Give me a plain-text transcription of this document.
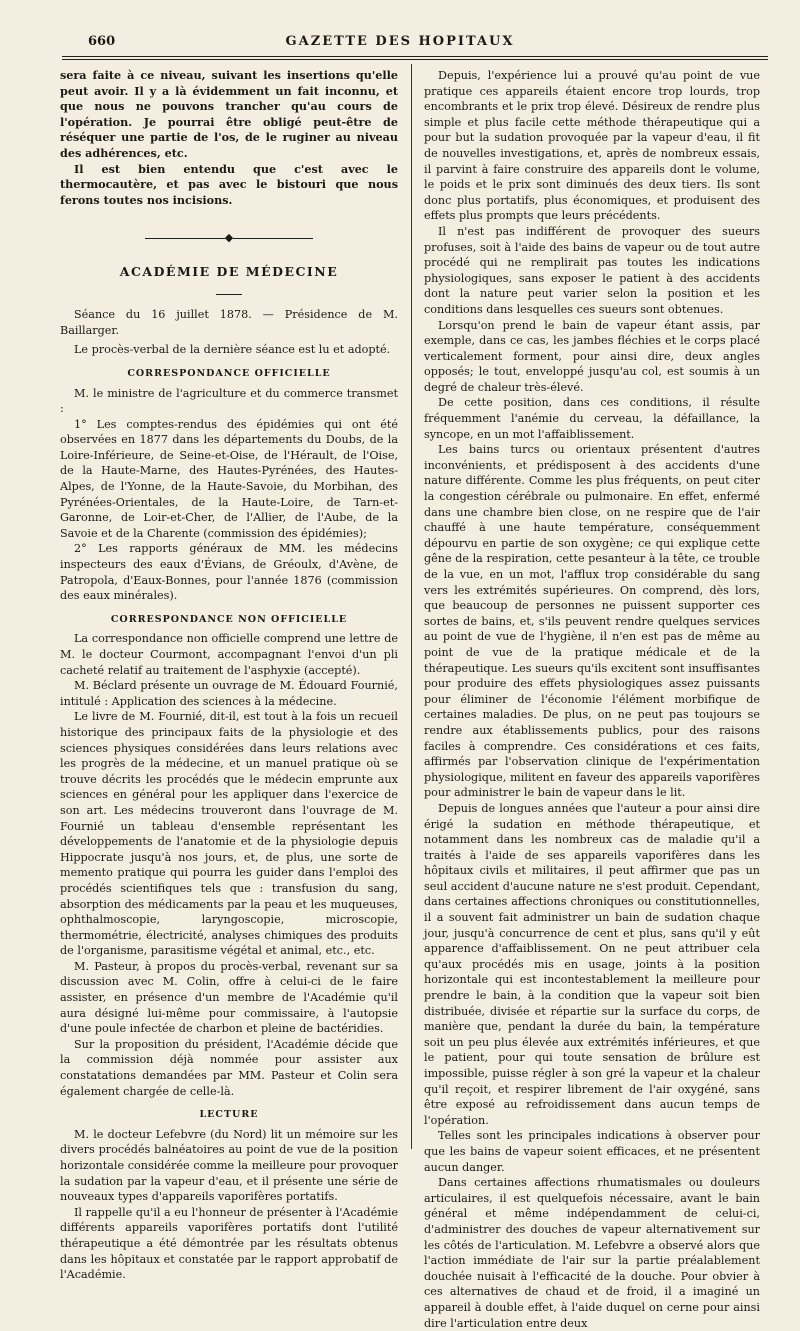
660	GAZETTE DES HOPITAUX

sera faite à ce niveau, suivant les insertions qu'elle peut avoir. Il y a là évidemment un fait inconnu, et que nous ne pouvons trancher qu'au cours de l'opération. Je pourrai être obligé peut-être de réséquer une partie de l'os, de le ruginer au niveau des adhérences, etc.

Il est bien entendu que c'est avec le thermocautère, et pas avec le bistouri que nous ferons toutes nos incisions.

◆
ACADÉMIE DE MÉDECINE

Séance du 16 juillet 1878. — Présidence de M. Baillarger.

Le procès-verbal de la dernière séance est lu et adopté.

CORRESPONDANCE OFFICIELLE

M. le ministre de l'agriculture et du commerce transmet :

1° Les comptes-rendus des épidémies qui ont été observées en 1877 dans les départements du Doubs, de la Loire-Inférieure, de Seine-et-Oise, de l'Hérault, de l'Oise, de la Haute-Marne, des Hautes-Pyrénées, des Hautes-Alpes, de l'Yonne, de la Haute-Savoie, du Morbihan, des Pyrénées-Orientales, de la Haute-Loire, de Tarn-et-Garonne, de Loir-et-Cher, de l'Allier, de l'Aube, de la Savoie et de la Charente (commission des épidémies);

2° Les rapports généraux de MM. les médecins inspecteurs des eaux d'Évians, de Gréoulx, d'Avène, de Patropola, d'Eaux-Bonnes, pour l'année 1876 (commission des eaux minérales).

CORRESPONDANCE NON OFFICIELLE

La correspondance non officielle comprend une lettre de M. le docteur Courmont, accompagnant l'envoi d'un pli cacheté relatif au traitement de l'asphyxie (accepté).

M. Béclard présente un ouvrage de M. Édouard Fournié, intitulé : Application des sciences à la médecine.

Le livre de M. Fournié, dit-il, est tout à la fois un recueil historique des principaux faits de la physiologie et des sciences physiques considérées dans leurs relations avec les progrès de la médecine, et un manuel pratique où se trouve décrits les procédés que le médecin emprunte aux sciences en général pour les appliquer dans l'exercice de son art. Les médecins trouveront dans l'ouvrage de M. Fournié un tableau d'ensemble représentant les développements de l'anatomie et de la physiologie depuis Hippocrate jusqu'à nos jours, et, de plus, une sorte de memento pratique qui pourra les guider dans l'emploi des procédés scientifiques tels que : transfusion du sang, absorption des médicaments par la peau et les muqueuses, ophthalmoscopie, laryngoscopie, microscopie, thermométrie, électricité, analyses chimiques des produits de l'organisme, parasitisme végétal et animal, etc., etc.

M. Pasteur, à propos du procès-verbal, revenant sur sa discussion avec M. Colin, offre à celui-ci de le faire assister, en présence d'un membre de l'Académie qu'il aura désigné lui-même pour commissaire, à l'autopsie d'une poule infectée de charbon et pleine de bactéridies.

Sur la proposition du président, l'Académie décide que la commission déjà nommée pour assister aux constatations demandées par MM. Pasteur et Colin sera également chargée de celle-là.

LECTURE

M. le docteur Lefebvre (du Nord) lit un mémoire sur les divers procédés balnéatoires au point de vue de la position horizontale considérée comme la meilleure pour provoquer la sudation par la vapeur d'eau, et il présente une série de nouveaux types d'appareils vaporifères portatifs.

Il rappelle qu'il a eu l'honneur de présenter à l'Académie différents appareils vaporifères portatifs dont l'utilité thérapeutique a été démontrée par les résultats obtenus dans les hôpitaux et constatée par le rapport approbatif de l'Académie.

Depuis, l'expérience lui a prouvé qu'au point de vue pratique ces appareils étaient encore trop lourds, trop encombrants et le prix trop élevé. Désireux de rendre plus simple et plus facile cette méthode thérapeutique qui a pour but la sudation provoquée par la vapeur d'eau, il fit de nouvelles investigations, et, après de nombreux essais, il parvint à faire construire des appareils dont le volume, le poids et le prix sont diminués des deux tiers. Ils sont donc plus portatifs, plus économiques, et produisent des effets plus prompts que leurs précédents.

Il n'est pas indifférent de provoquer des sueurs profuses, soit à l'aide des bains de vapeur ou de tout autre procédé qui ne remplirait pas toutes les indications physiologiques, sans exposer le patient à des accidents dont la nature peut varier selon la position et les conditions dans lesquelles ces sueurs sont obtenues.

Lorsqu'on prend le bain de vapeur étant assis, par exemple, dans ce cas, les jambes fléchies et le corps placé verticalement forment, pour ainsi dire, deux angles opposés; le tout, enveloppé jusqu'au col, est soumis à un degré de chaleur très-élevé.

De cette position, dans ces conditions, il résulte fréquemment l'anémie du cerveau, la défaillance, la syncope, en un mot l'affaiblissement.

Les bains turcs ou orientaux présentent d'autres inconvénients, et prédisposent à des accidents d'une nature différente. Comme les plus fréquents, on peut citer la congestion cérébrale ou pulmonaire. En effet, enfermé dans une chambre bien close, on ne respire que de l'air chauffé à une haute température, conséquemment dépourvu en partie de son oxygène; ce qui explique cette gêne de la respiration, cette pesanteur à la tête, ce trouble de la vue, en un mot, l'afflux trop considérable du sang vers les extrémités supérieures. On comprend, dès lors, que beaucoup de personnes ne puissent supporter ces sortes de bains, et, s'ils peuvent rendre quelques services au point de vue de l'hygiène, il n'en est pas de même au point de vue de la pratique médicale et de la thérapeutique. Les sueurs qu'ils excitent sont insuffisantes pour produire des effets physiologiques assez puissants pour éliminer de l'économie l'élément morbifique de certaines maladies. De plus, on ne peut pas toujours se rendre aux établissements publics, pour des raisons faciles à comprendre. Ces considérations et ces faits, affirmés par l'observation clinique de l'expérimentation physiologique, militent en faveur des appareils vaporifères pour administrer le bain de vapeur dans le lit.

Depuis de longues années que l'auteur a pour ainsi dire érigé la sudation en méthode thérapeutique, et notamment dans les nombreux cas de maladie qu'il a traités à l'aide de ses appareils vaporifères dans les hôpitaux civils et militaires, il peut affirmer que pas un seul accident d'aucune nature ne s'est produit. Cependant, dans certaines affections chroniques ou constitutionnelles, il a souvent fait administrer un bain de sudation chaque jour, jusqu'à concurrence de cent et plus, sans qu'il y eût apparence d'affaiblissement. On ne peut attribuer cela qu'aux procédés mis en usage, joints à la position horizontale qui est incontestablement la meilleure pour prendre le bain, à la condition que la vapeur soit bien distribuée, divisée et répartie sur la surface du corps, de manière que, pendant la durée du bain, la température soit un peu plus élevée aux extrémités inférieures, et que le patient, pour qui toute sensation de brûlure est impossible, puisse régler à son gré la vapeur et la chaleur qu'il reçoit, et respirer librement de l'air oxygéné, sans être exposé au refroidissement dans aucun temps de l'opération.

Telles sont les principales indications à observer pour que les bains de vapeur soient efficaces, et ne présentent aucun danger.

Dans certaines affections rhumatismales ou douleurs articulaires, il est quelquefois nécessaire, avant le bain général et même indépendamment de celui-ci, d'administrer des douches de vapeur alternativement sur les côtés de l'articulation. M. Lefebvre a observé alors que l'action immédiate de l'air sur la partie préalablement douchée nuisait à l'efficacité de la douche. Pour obvier à ces alternatives de chaud et de froid, il a imaginé un appareil à double effet, à l'aide duquel on cerne pour ainsi dire l'articulation entre deux
